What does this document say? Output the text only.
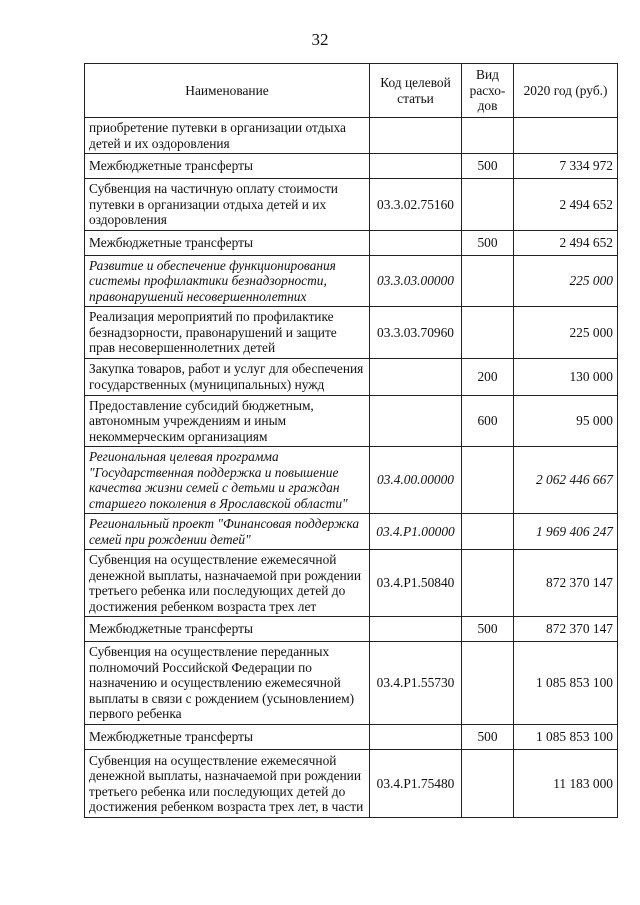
32
Наименование	Код целевой статьи	Вид расхо-дов	2020 год (руб.)
приобретение путевки в организации отдыха детей и их оздоровления			
Межбюджетные трансферты		500	7 334 972
Субвенция на частичную оплату стоимости путевки в организации отдыха детей и их оздоровления	03.3.02.75160		2 494 652
Межбюджетные трансферты		500	2 494 652
Развитие и обеспечение функционирования системы профилактики безнадзорности, правонарушений несовершеннолетних	03.3.03.00000		225 000
Реализация мероприятий по профилактике безнадзорности, правонарушений и защите прав несовершеннолетних детей	03.3.03.70960		225 000
Закупка товаров, работ и услуг для обеспечения государственных (муниципальных) нужд		200	130 000
Предоставление субсидий бюджетным, автономным учреждениям и иным некоммерческим организациям		600	95 000
Региональная целевая программа "Государственная поддержка и повышение качества жизни семей с детьми и граждан старшего поколения в Ярославской области"	03.4.00.00000		2 062 446 667
Региональный проект "Финансовая поддержка семей при рождении детей"	03.4.P1.00000		1 969 406 247
Субвенция на осуществление ежемесячной денежной выплаты, назначаемой при рождении третьего ребенка или последующих детей до достижения ребенком возраста трех лет	03.4.P1.50840		872 370 147
Межбюджетные трансферты		500	872 370 147
Субвенция на осуществление переданных полномочий Российской Федерации по назначению и осуществлению ежемесячной выплаты в связи с рождением (усыновлением) первого ребенка	03.4.P1.55730		1 085 853 100
Межбюджетные трансферты		500	1 085 853 100
Субвенция на осуществление ежемесячной денежной выплаты, назначаемой при рождении третьего ребенка или последующих детей до достижения ребенком возраста трех лет, в части	03.4.P1.75480		11 183 000
